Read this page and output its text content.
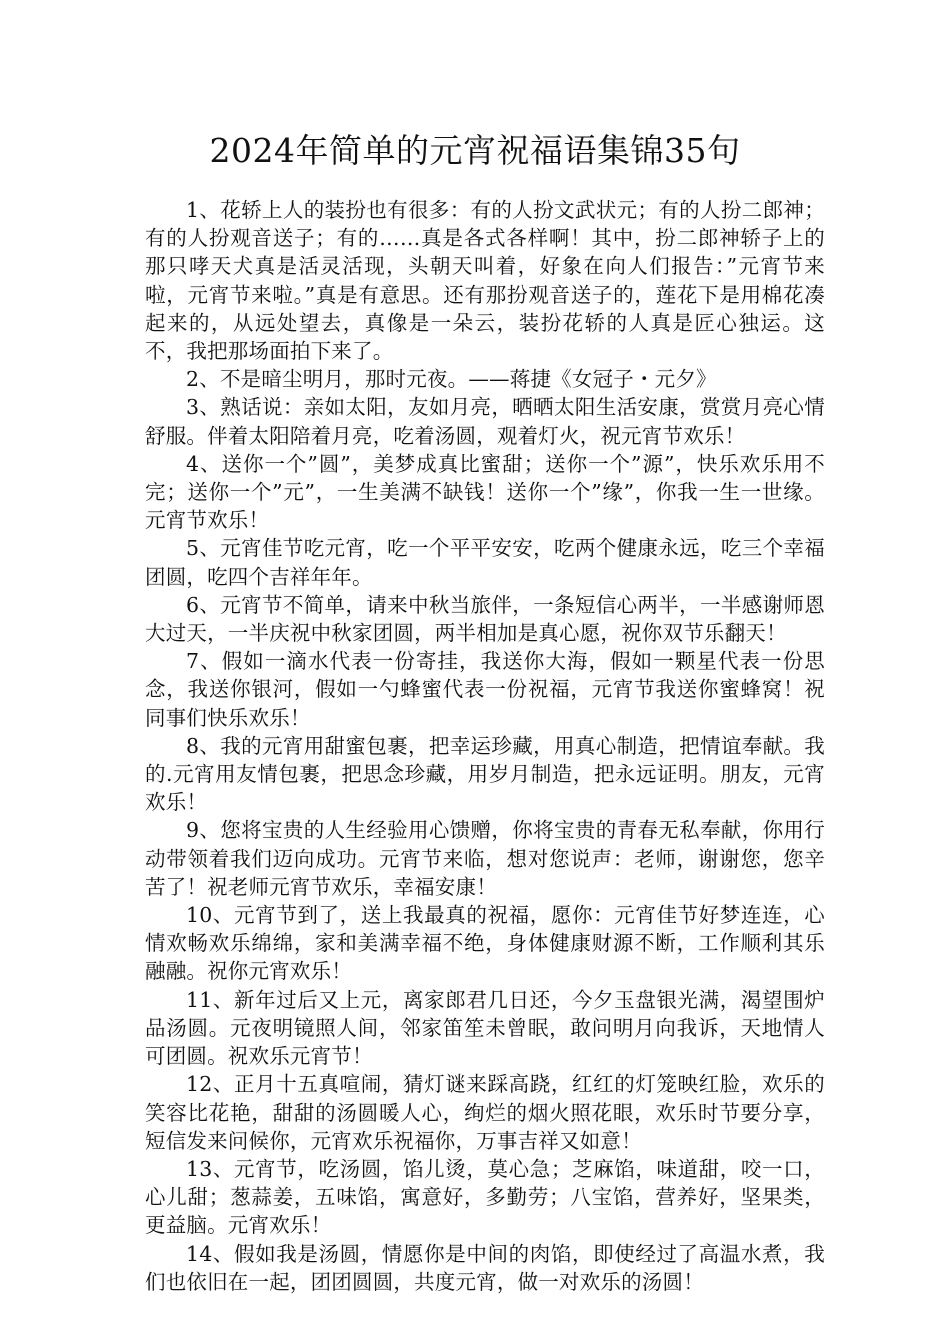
2024年简单的元宵祝福语集锦35句

1、花轿上人的装扮也有很多：有的人扮文武状元；有的人扮二郎神；有的人扮观音送子；有的……真是各式各样啊！其中，扮二郎神轿子上的那只哮天犬真是活灵活现，头朝天叫着，好象在向人们报告：”元宵节来啦，元宵节来啦。”真是有意思。还有那扮观音送子的，莲花下是用棉花凑起来的，从远处望去，真像是一朵云，装扮花轿的人真是匠心独运。这不，我把那场面拍下来了。

2、不是暗尘明月，那时元夜。——蒋捷《女冠子・元夕》

3、熟话说：亲如太阳，友如月亮，晒晒太阳生活安康，赏赏月亮心情舒服。伴着太阳陪着月亮，吃着汤圆，观着灯火，祝元宵节欢乐！

4、送你一个”圆”，美梦成真比蜜甜；送你一个”源”，快乐欢乐用不完；送你一个”元”，一生美满不缺钱！送你一个”缘”，你我一生一世缘。元宵节欢乐！

5、元宵佳节吃元宵，吃一个平平安安，吃两个健康永远，吃三个幸福团圆，吃四个吉祥年年。

6、元宵节不简单，请来中秋当旅伴，一条短信心两半，一半感谢师恩大过天，一半庆祝中秋家团圆，两半相加是真心愿，祝你双节乐翻天！

7、假如一滴水代表一份寄挂，我送你大海，假如一颗星代表一份思念，我送你银河，假如一勺蜂蜜代表一份祝福，元宵节我送你蜜蜂窝！祝同事们快乐欢乐！

8、我的元宵用甜蜜包裹，把幸运珍藏，用真心制造，把情谊奉献。我的.元宵用友情包裹，把思念珍藏，用岁月制造，把永远证明。朋友，元宵欢乐！

9、您将宝贵的人生经验用心馈赠，你将宝贵的青春无私奉献，你用行动带领着我们迈向成功。元宵节来临，想对您说声：老师，谢谢您，您辛苦了！祝老师元宵节欢乐，幸福安康！

10、元宵节到了，送上我最真的祝福，愿你：元宵佳节好梦连连，心情欢畅欢乐绵绵，家和美满幸福不绝，身体健康财源不断，工作顺利其乐融融。祝你元宵欢乐！

11、新年过后又上元，离家郎君几日还，今夕玉盘银光满，渴望围炉品汤圆。元夜明镜照人间，邻家笛笙未曾眠，敢问明月向我诉，天地情人可团圆。祝欢乐元宵节！

12、正月十五真喧闹，猜灯谜来踩高跷，红红的灯笼映红脸，欢乐的笑容比花艳，甜甜的汤圆暖人心，绚烂的烟火照花眼，欢乐时节要分享，短信发来问候你，元宵欢乐祝福你，万事吉祥又如意！

13、元宵节，吃汤圆，馅儿烫，莫心急；芝麻馅，味道甜，咬一口，心儿甜；葱蒜姜，五味馅，寓意好，多勤劳；八宝馅，营养好，坚果类，更益脑。元宵欢乐！

14、假如我是汤圆，情愿你是中间的肉馅，即使经过了高温水煮，我们也依旧在一起，团团圆圆，共度元宵，做一对欢乐的汤圆！
